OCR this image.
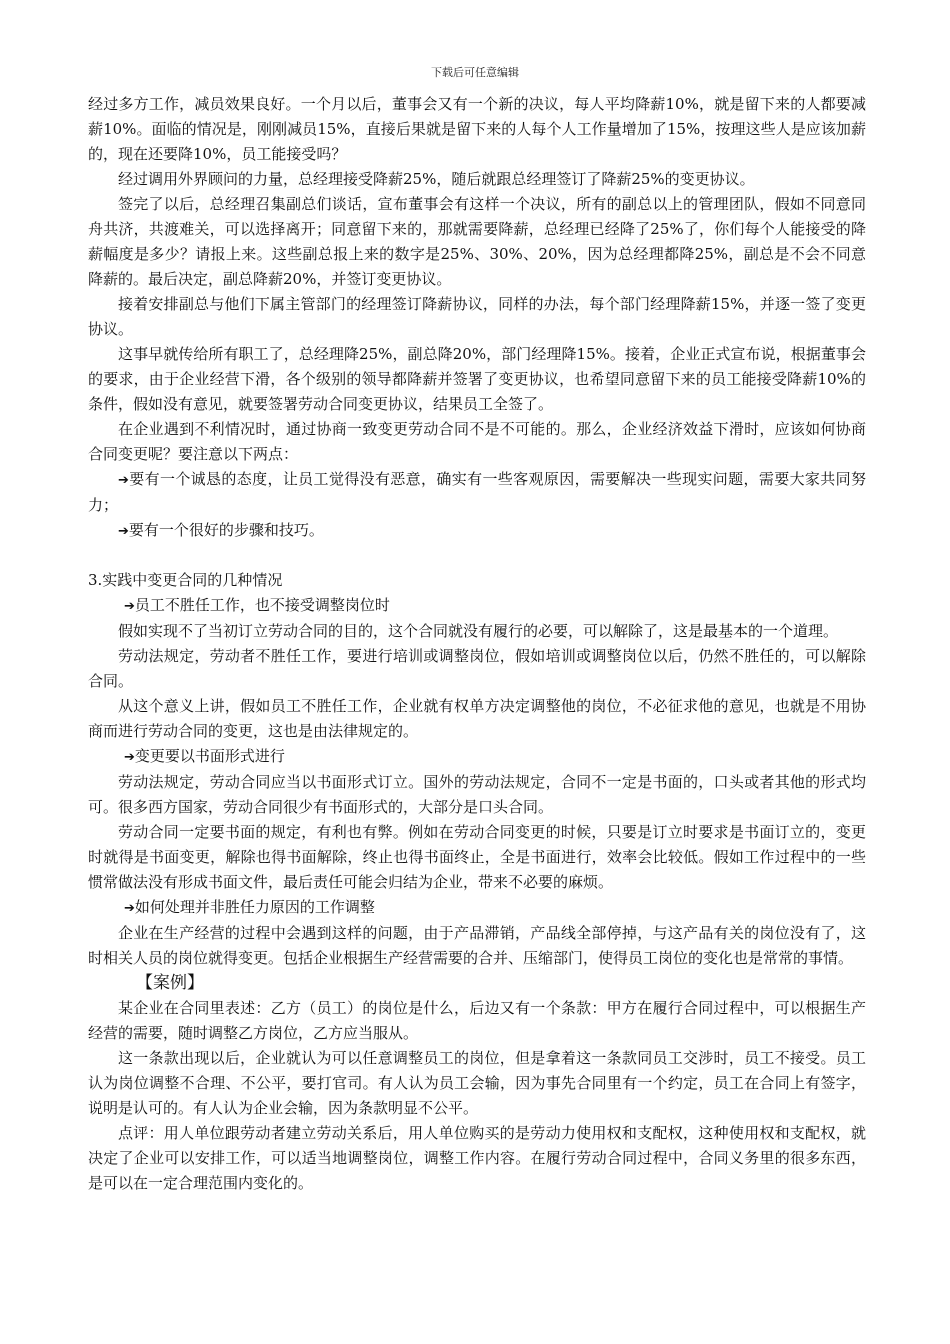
下载后可任意编辑

经过多方工作，减员效果良好。一个月以后，董事会又有一个新的决议，每人平均降薪10%，就是留下来的人都要减薪10%。面临的情况是，刚刚减员15%，直接后果就是留下来的人每个人工作量增加了15%，按理这些人是应该加薪的，现在还要降10%，员工能接受吗？

经过调用外界顾问的力量，总经理接受降薪25%，随后就跟总经理签订了降薪25%的变更协议。

签完了以后，总经理召集副总们谈话，宣布董事会有这样一个决议，所有的副总以上的管理团队，假如不同意同舟共济，共渡难关，可以选择离开；同意留下来的，那就需要降薪，总经理已经降了25%了，你们每个人能接受的降薪幅度是多少？请报上来。这些副总报上来的数字是25%、30%、20%，因为总经理都降25%，副总是不会不同意降薪的。最后决定，副总降薪20%，并签订变更协议。

接着安排副总与他们下属主管部门的经理签订降薪协议，同样的办法，每个部门经理降薪15%，并逐一签了变更协议。

这事早就传给所有职工了，总经理降25%，副总降20%，部门经理降15%。接着，企业正式宣布说，根据董事会的要求，由于企业经营下滑，各个级别的领导都降薪并签署了变更协议，也希望同意留下来的员工能接受降薪10%的条件，假如没有意见，就要签署劳动合同变更协议，结果员工全签了。

在企业遇到不利情况时，通过协商一致变更劳动合同不是不可能的。那么，企业经济效益下滑时，应该如何协商合同变更呢？要注意以下两点：

➔要有一个诚恳的态度，让员工觉得没有恶意，确实有一些客观原因，需要解决一些现实问题，需要大家共同努力；

➔要有一个很好的步骤和技巧。

3.实践中变更合同的几种情况

➔员工不胜任工作，也不接受调整岗位时

假如实现不了当初订立劳动合同的目的，这个合同就没有履行的必要，可以解除了，这是最基本的一个道理。

劳动法规定，劳动者不胜任工作，要进行培训或调整岗位，假如培训或调整岗位以后，仍然不胜任的，可以解除合同。

从这个意义上讲，假如员工不胜任工作，企业就有权单方决定调整他的岗位，不必征求他的意见，也就是不用协商而进行劳动合同的变更，这也是由法律规定的。

➔变更要以书面形式进行

劳动法规定，劳动合同应当以书面形式订立。国外的劳动法规定，合同不一定是书面的，口头或者其他的形式均可。很多西方国家，劳动合同很少有书面形式的，大部分是口头合同。

劳动合同一定要书面的规定，有利也有弊。例如在劳动合同变更的时候，只要是订立时要求是书面订立的，变更时就得是书面变更，解除也得书面解除，终止也得书面终止，全是书面进行，效率会比较低。假如工作过程中的一些惯常做法没有形成书面文件，最后责任可能会归结为企业，带来不必要的麻烦。

➔如何处理并非胜任力原因的工作调整

企业在生产经营的过程中会遇到这样的问题，由于产品滞销，产品线全部停掉，与这产品有关的岗位没有了，这时相关人员的岗位就得变更。包括企业根据生产经营需要的合并、压缩部门，使得员工岗位的变化也是常常的事情。

【案例】

某企业在合同里表述：乙方（员工）的岗位是什么，后边又有一个条款：甲方在履行合同过程中，可以根据生产经营的需要，随时调整乙方岗位，乙方应当服从。

这一条款出现以后，企业就认为可以任意调整员工的岗位，但是拿着这一条款同员工交涉时，员工不接受。员工认为岗位调整不合理、不公平，要打官司。有人认为员工会输，因为事先合同里有一个约定，员工在合同上有签字，说明是认可的。有人认为企业会输，因为条款明显不公平。

点评：用人单位跟劳动者建立劳动关系后，用人单位购买的是劳动力使用权和支配权，这种使用权和支配权，就决定了企业可以安排工作，可以适当地调整岗位，调整工作内容。在履行劳动合同过程中，合同义务里的很多东西，是可以在一定合理范围内变化的。
